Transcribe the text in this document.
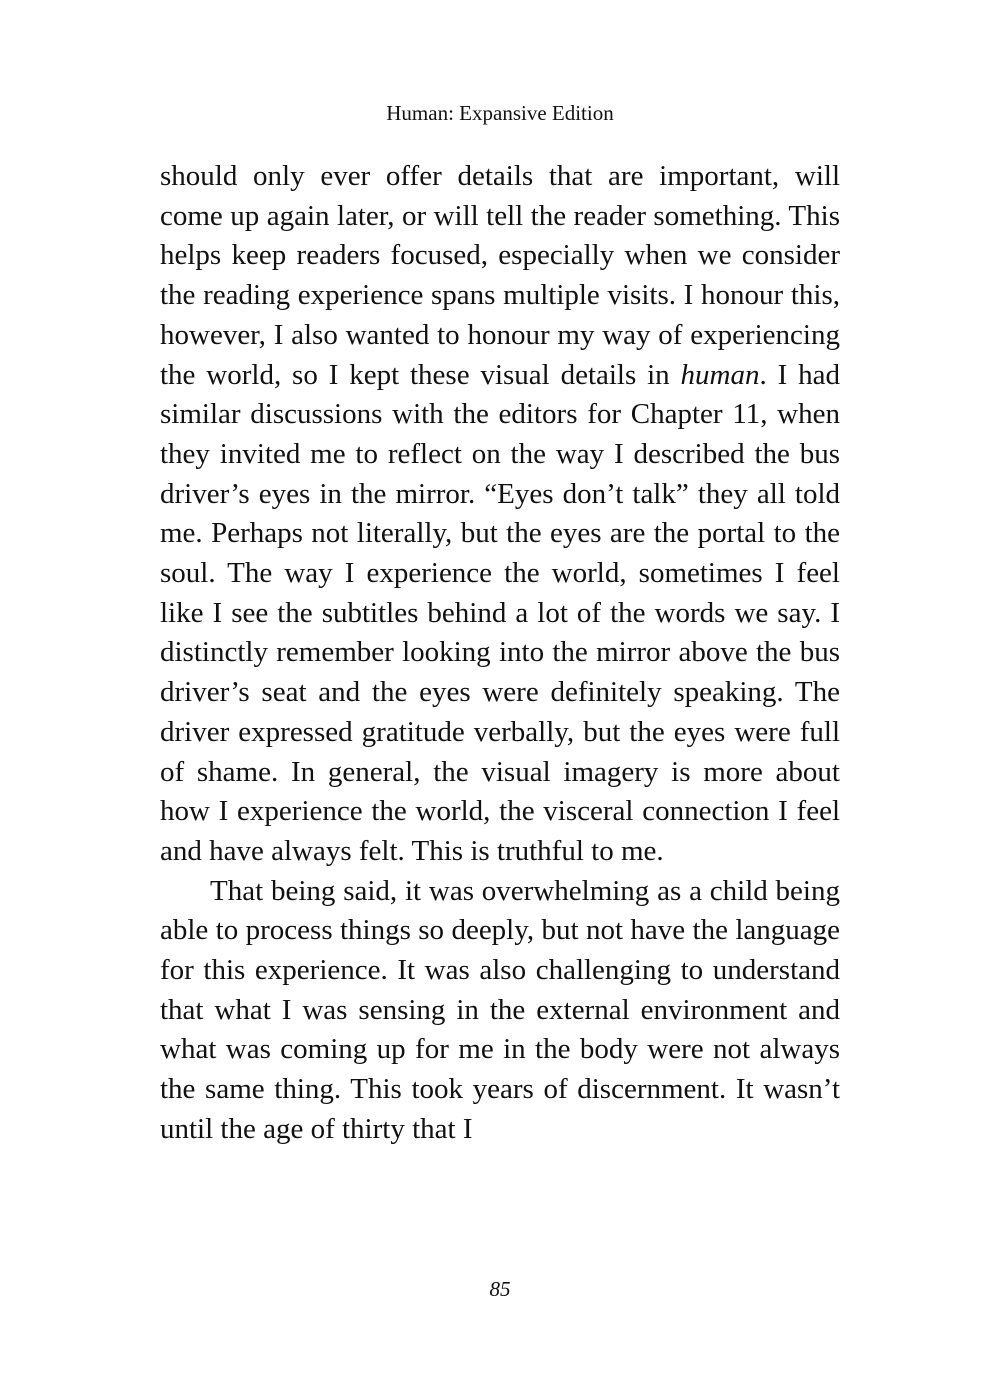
Human: Expansive Edition

should only ever offer details that are important, will come up again later, or will tell the reader something. This helps keep readers focused, especially when we consider the reading experience spans multiple visits. I honour this, however, I also wanted to honour my way of experiencing the world, so I kept these visual details in human. I had similar discussions with the editors for Chapter 11, when they invited me to reflect on the way I described the bus driver’s eyes in the mirror. “Eyes don’t talk” they all told me. Perhaps not literally, but the eyes are the portal to the soul. The way I experience the world, sometimes I feel like I see the subtitles behind a lot of the words we say. I distinctly remember looking into the mirror above the bus driver’s seat and the eyes were definitely speaking. The driver expressed gratitude verbally, but the eyes were full of shame. In general, the visual imagery is more about how I experience the world, the visceral connection I feel and have always felt. This is truthful to me.

That being said, it was overwhelming as a child being able to process things so deeply, but not have the language for this experience. It was also challenging to understand that what I was sensing in the external environment and what was coming up for me in the body were not always the same thing. This took years of discernment. It wasn’t until the age of thirty that I

85
